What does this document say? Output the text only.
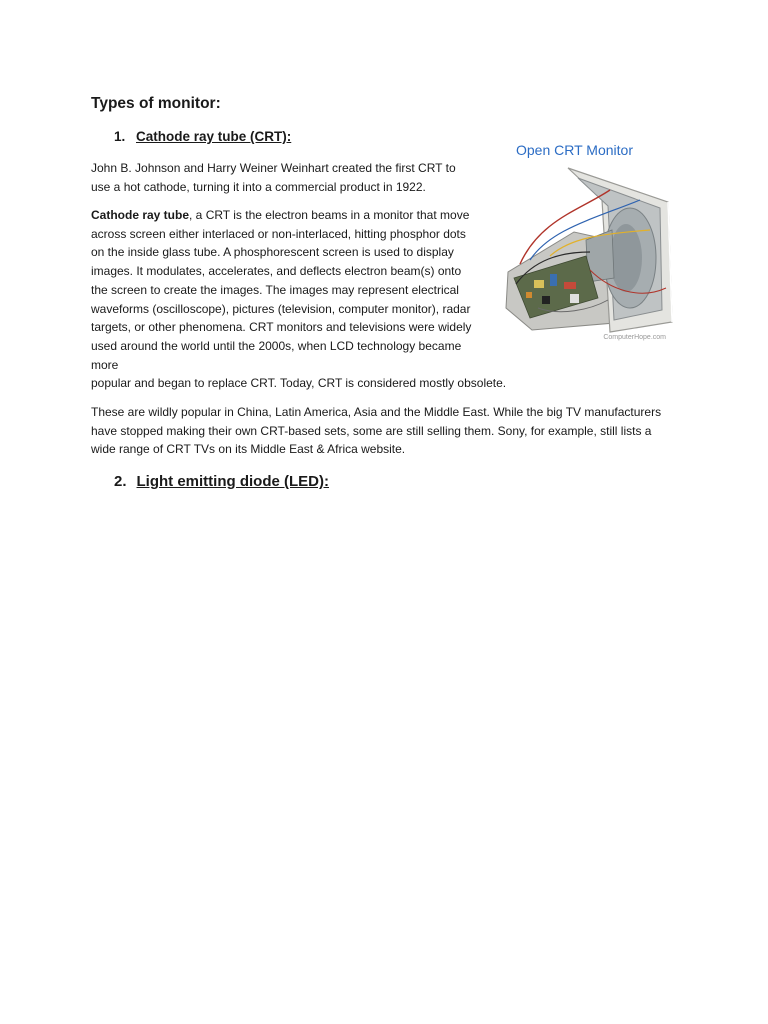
Types of monitor:
1. Cathode ray tube (CRT):

John B. Johnson and Harry Weiner Weinhart created the first CRT to use a hot cathode, turning it into a commercial product in 1922.

Cathode ray tube, a CRT is the electron beams in a monitor that move across screen either interlaced or non-interlaced, hitting phosphor dots on the inside glass tube. A phosphorescent screen is used to display images. It modulates, accelerates, and deflects electron beam(s) onto the screen to create the images. The images may represent electrical waveforms (oscilloscope), pictures (television, computer monitor), radar targets, or other phenomena. CRT monitors and televisions were widely used around the world until the 2000s, when LCD technology became more popular and began to replace CRT. Today, CRT is considered mostly obsolete.

These are wildly popular in China, Latin America, Asia and the Middle East. While the big TV manufacturers have stopped making their own CRT-based sets, some are still selling them. Sony, for example, still lists a wide range of CRT TVs on its Middle East & Africa website.

2. Light emitting diode (LED):
Open CRT Monitor
ComputerHope.com
